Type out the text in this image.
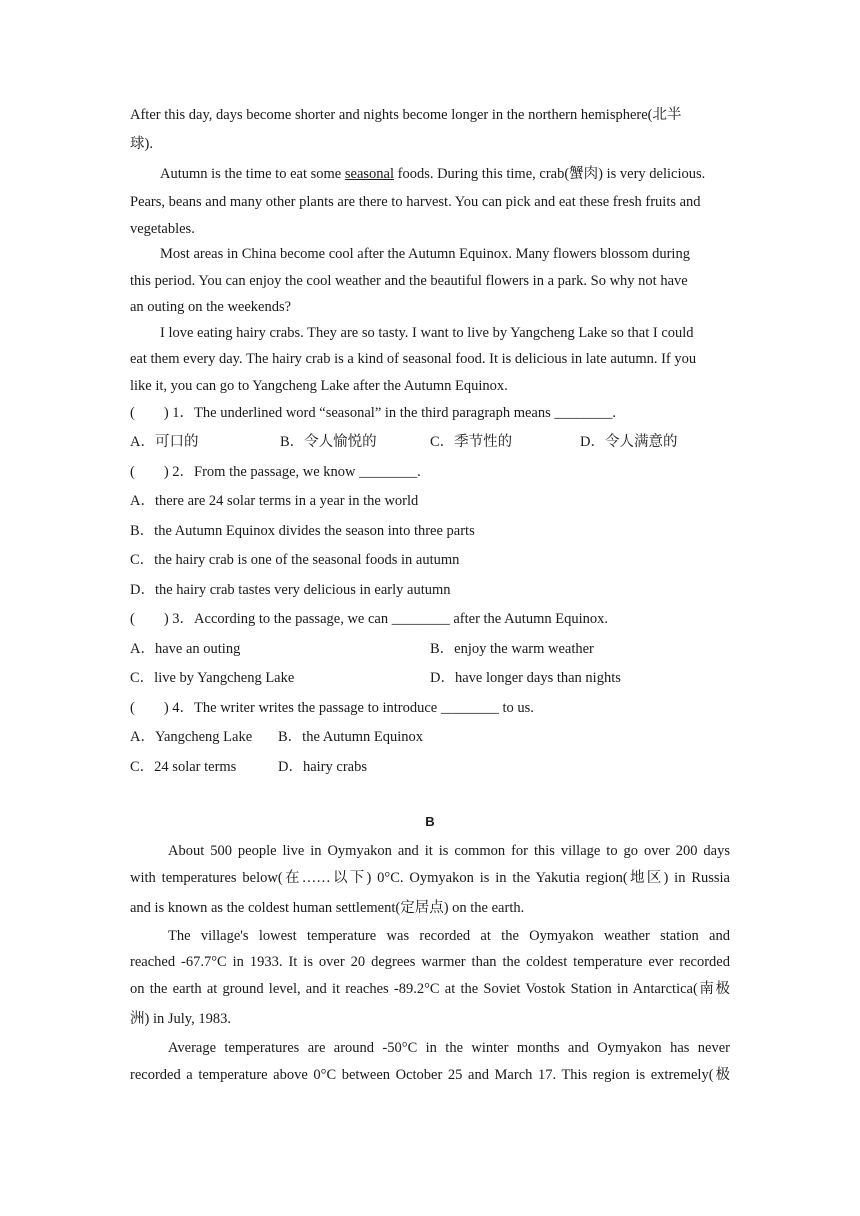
After this day, days become shorter and nights become longer in the northern hemisphere(北半
球).
Autumn is the time to eat some seasonal foods. During this time, crab(蟹肉) is very delicious.
Pears, beans and many other plants are there to harvest. You can pick and eat these fresh fruits and
vegetables.
Most areas in China become cool after the Autumn Equinox. Many flowers blossom during
this period. You can enjoy the cool weather and the beautiful flowers in a park. So why not have
an outing on the weekends?
I love eating hairy crabs. They are so tasty. I want to live by Yangcheng Lake so that I could
eat them every day. The hairy crab is a kind of seasonal food. It is delicious in late autumn. If you
like it, you can go to Yangcheng Lake after the Autumn Equinox.
(　　) 1．The underlined word “seasonal” in the third paragraph means ________.
A．可口的	B．令人愉悦的	C．季节性的	D．令人满意的
(　　) 2．From the passage, we know ________.
A．there are 24 solar terms in a year in the world
B．the Autumn Equinox divides the season into three parts
C．the hairy crab is one of the seasonal foods in autumn
D．the hairy crab tastes very delicious in early autumn
(　　) 3．According to the passage, we can ________ after the Autumn Equinox.
A．have an outing	B．enjoy the warm weather
C．live by Yangcheng Lake	D．have longer days than nights
(　　) 4．The writer writes the passage to introduce ________ to us.
A．Yangcheng Lake B．the Autumn Equinox
C．24 solar terms	D．hairy crabs
B
About 500 people live in Oymyakon and it is common for this village to go over 200 days
with temperatures below(在……以下) 0°C. Oymyakon is in the Yakutia region(地区) in Russia
and is known as the coldest human settlement(定居点) on the earth.
The village's lowest temperature was recorded at the Oymyakon weather station and
reached -67.7°C in 1933. It is over 20 degrees warmer than the coldest temperature ever recorded
on the earth at ground level, and it reaches -89.2°C at the Soviet Vostok Station in Antarctica(南极
洲) in July, 1983.
Average temperatures are around -50°C in the winter months and Oymyakon has never
recorded a temperature above 0°C between October 25 and March 17. This region is extremely(极
